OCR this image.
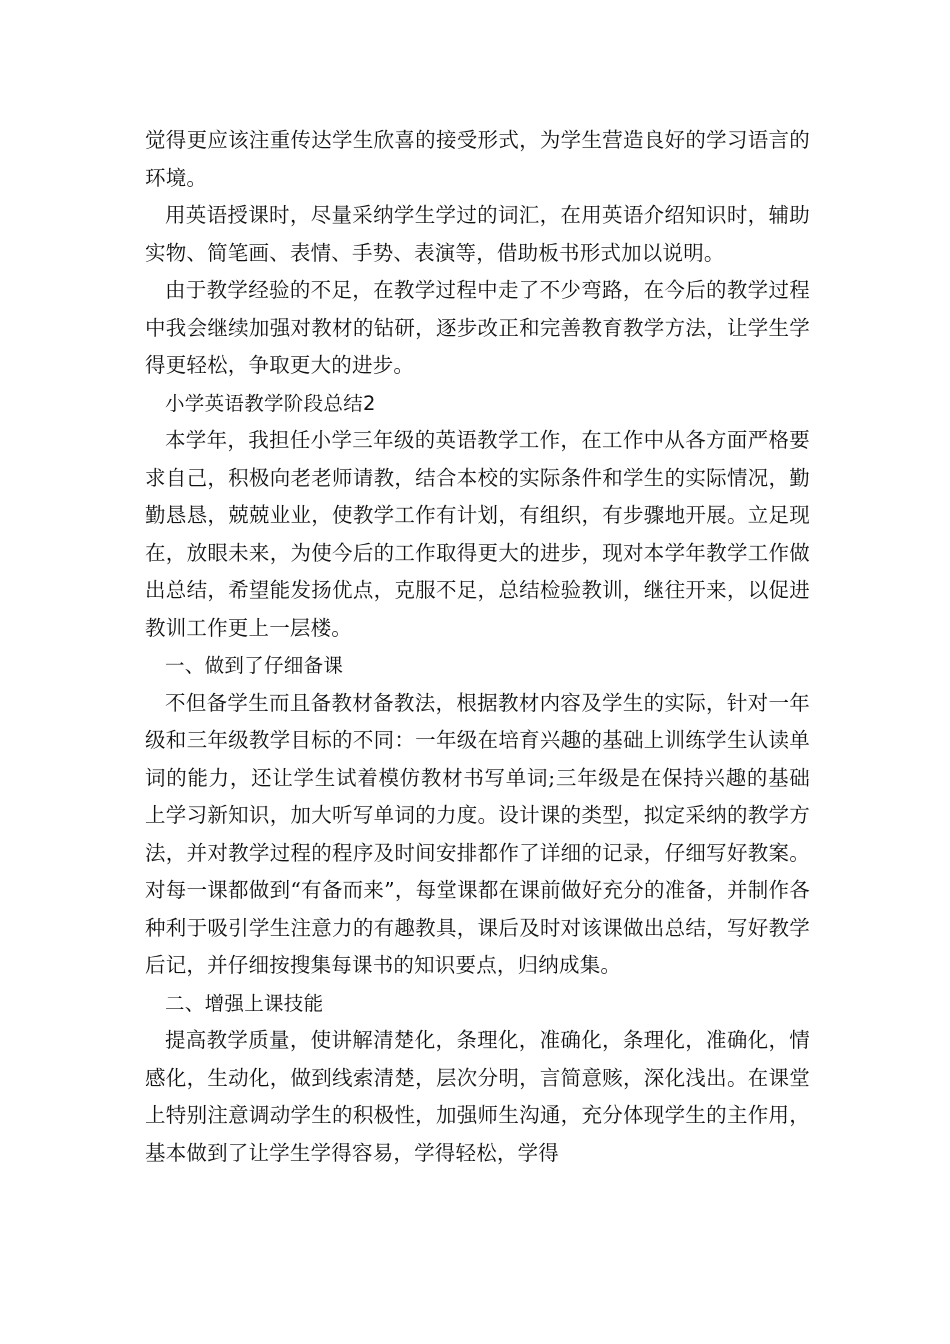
觉得更应该注重传达学生欣喜的接受形式，为学生营造良好的学习语言的环境。

用英语授课时，尽量采纳学生学过的词汇，在用英语介绍知识时，辅助实物、简笔画、表情、手势、表演等，借助板书形式加以说明。

由于教学经验的不足，在教学过程中走了不少弯路，在今后的教学过程中我会继续加强对教材的钻研，逐步改正和完善教育教学方法，让学生学得更轻松，争取更大的进步。

小学英语教学阶段总结2

本学年，我担任小学三年级的英语教学工作，在工作中从各方面严格要求自己，积极向老老师请教，结合本校的实际条件和学生的实际情况，勤勤恳恳，兢兢业业，使教学工作有计划，有组织，有步骤地开展。立足现在，放眼未来，为使今后的工作取得更大的进步，现对本学年教学工作做出总结，希望能发扬优点，克服不足，总结检验教训，继往开来，以促进教训工作更上一层楼。

一、做到了仔细备课

不但备学生而且备教材备教法，根据教材内容及学生的实际，针对一年级和三年级教学目标的不同：一年级在培育兴趣的基础上训练学生认读单词的能力，还让学生试着模仿教材书写单词;三年级是在保持兴趣的基础上学习新知识，加大听写单词的力度。设计课的类型，拟定采纳的教学方法，并对教学过程的程序及时间安排都作了详细的记录，仔细写好教案。对每一课都做到“有备而来”，每堂课都在课前做好充分的准备，并制作各种利于吸引学生注意力的有趣教具，课后及时对该课做出总结，写好教学后记，并仔细按搜集每课书的知识要点，归纳成集。

二、增强上课技能

提高教学质量，使讲解清楚化，条理化，准确化，条理化，准确化，情感化，生动化，做到线索清楚，层次分明，言简意赅，深化浅出。在课堂上特别注意调动学生的积极性，加强师生沟通，充分体现学生的主作用，基本做到了让学生学得容易，学得轻松，学得
